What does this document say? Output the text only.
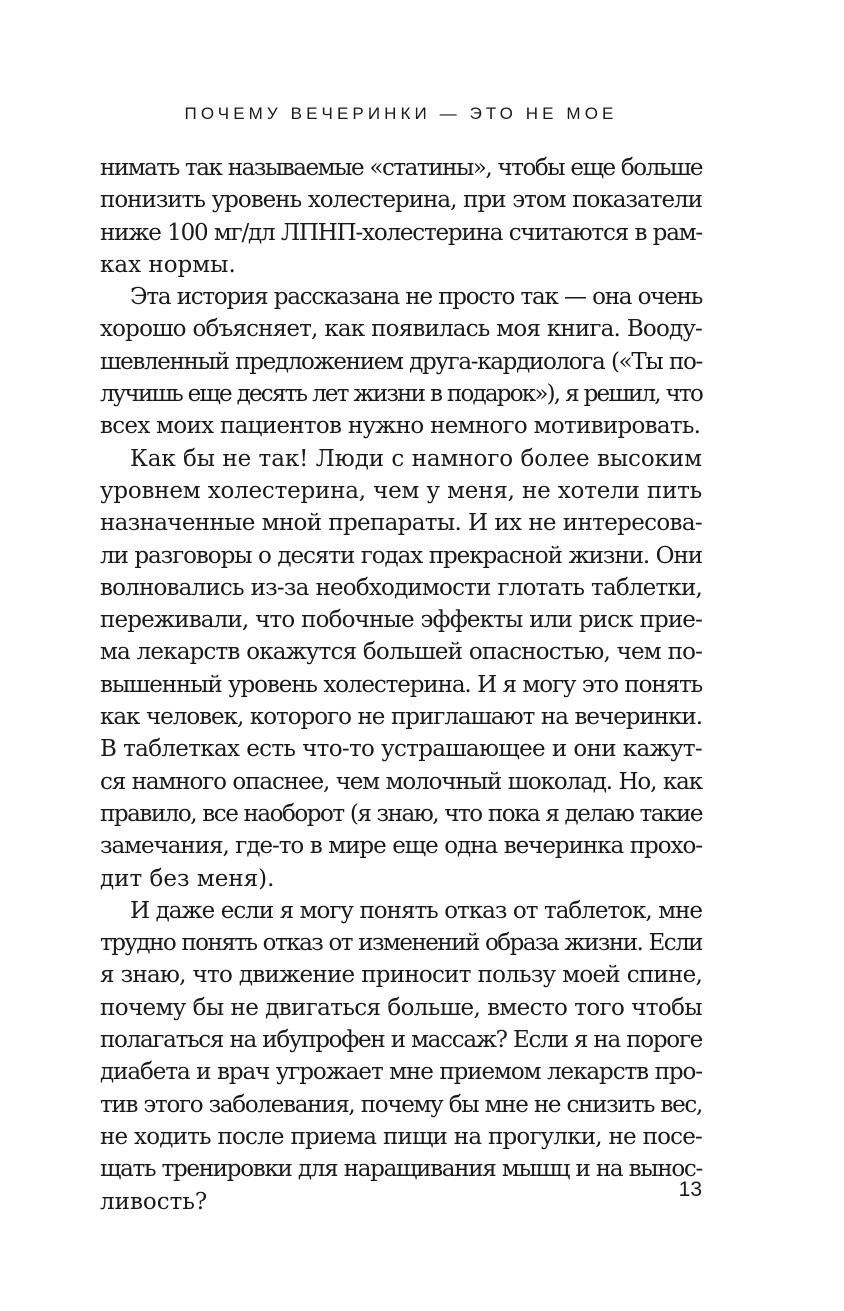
ПОЧЕМУ ВЕЧЕРИНКИ — ЭТО НЕ МОЕ
нимать так называемые «статины», чтобы еще больше
понизить уровень холестерина, при этом показатели
ниже 100 мг/дл ЛПНП-холестерина считаются в рам-
ках нормы.
Эта история рассказана не просто так — она очень
хорошо объясняет, как появилась моя книга. Вооду-
шевленный предложением друга-кардиолога («Ты по-
лучишь еще десять лет жизни в подарок»), я решил, что
всех моих пациентов нужно немного мотивировать.
Как бы не так! Люди с намного более высоким
уровнем холестерина, чем у меня, не хотели пить
назначенные мной препараты. И их не интересова-
ли разговоры о десяти годах прекрасной жизни. Они
волновались из-за необходимости глотать таблетки,
переживали, что побочные эффекты или риск прие-
ма лекарств окажутся большей опасностью, чем по-
вышенный уровень холестерина. И я могу это понять
как человек, которого не приглашают на вечеринки.
В таблетках есть что-то устрашающее и они кажут-
ся намного опаснее, чем молочный шоколад. Но, как
правило, все наоборот (я знаю, что пока я делаю такие
замечания, где-то в мире еще одна вечеринка прохо-
дит без меня).
И даже если я могу понять отказ от таблеток, мне
трудно понять отказ от изменений образа жизни. Если
я знаю, что движение приносит пользу моей спине,
почему бы не двигаться больше, вместо того чтобы
полагаться на ибупрофен и массаж? Если я на пороге
диабета и врач угрожает мне приемом лекарств про-
тив этого заболевания, почему бы мне не снизить вес,
не ходить после приема пищи на прогулки, не посе-
щать тренировки для наращивания мышц и на вынос-
ливость?	13
